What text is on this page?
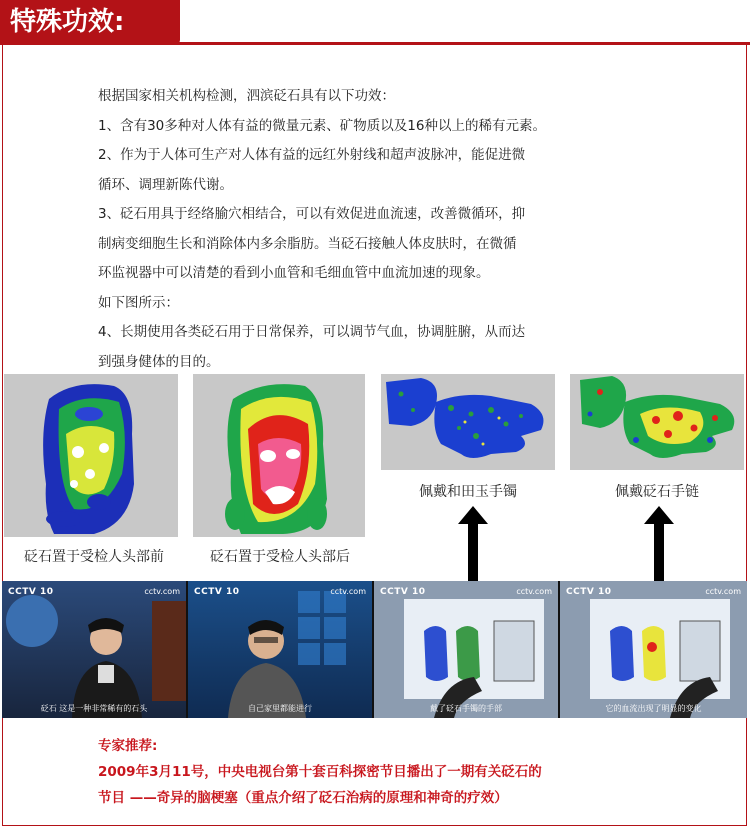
特殊功效:

根据国家相关机构检测，泗滨砭石具有以下功效：

1、含有30多种对人体有益的微量元素、矿物质以及16种以上的稀有元素。

2、作为于人体可生产对人体有益的远红外射线和超声波脉冲，能促进微

循环、调理新陈代谢。

3、砭石用具于经络腧穴相结合，可以有效促进血流速，改善微循环，抑

制病变细胞生长和消除体内多余脂肪。当砭石接触人体皮肤时，在微循

环监视器中可以清楚的看到小血管和毛细血管中血流加速的现象。

如下图所示：

4、长期使用各类砭石用于日常保养，可以调节气血，协调脏腑，从而达

到强身健体的目的。

砭石置于受检人头部前	砭石置于受检人头部后
佩戴和田玉手镯	佩戴砭石手链
CCTV 10	cctv.com
砭石 这是一种非常稀有的石头
CCTV 10	cctv.com
自己家里都能进行
CCTV 10	cctv.com
戴了砭石手镯的手部
CCTV 10	cctv.com
它的血流出现了明显的变化

专家推荐:

2009年3月11号，中央电视台第十套百科探密节目播出了一期有关砭石的

节目 ——奇异的脑梗塞（重点介绍了砭石治病的原理和神奇的疗效）
